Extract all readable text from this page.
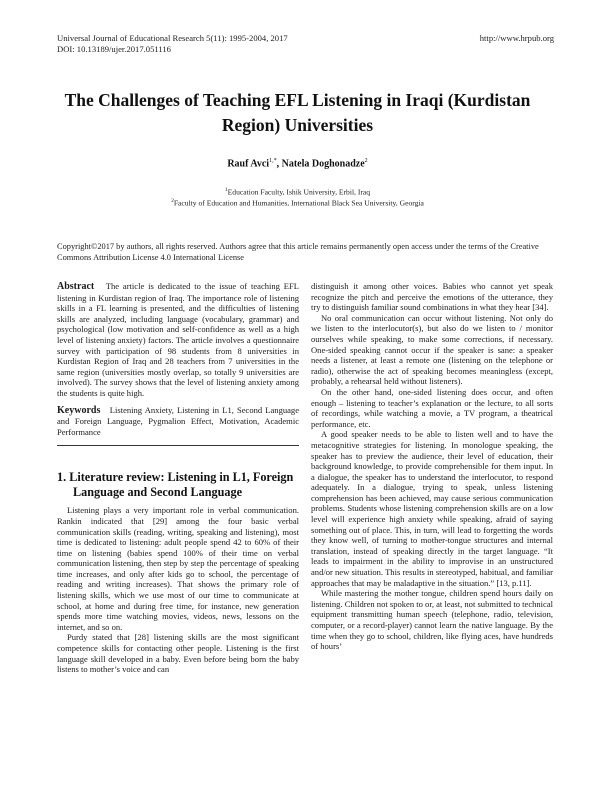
Universal Journal of Educational Research 5(11): 1995-2004, 2017
DOI: 10.13189/ujer.2017.051116
http://www.hrpub.org
The Challenges of Teaching EFL Listening in Iraqi (Kurdistan Region) Universities
Rauf Avci$^{1,*}$, Natela Doghonadze$^2$
$^1$Education Faculty, Ishik University, Erbil, Iraq
$^2$Faculty of Education and Humanities, International Black Sea University, Georgia
Copyright©2017 by authors, all rights reserved. Authors agree that this article remains permanently open access under the terms of the Creative Commons Attribution License 4.0 International License

Abstract The article is dedicated to the issue of teaching EFL listening in Kurdistan region of Iraq. The importance role of listening skills in a FL learning is presented, and the difficulties of listening skills are analyzed, including language (vocabulary, grammar) and psychological (low motivation and self-confidence as well as a high level of listening anxiety) factors. The article involves a questionnaire survey with participation of 98 students from 8 universities in Kurdistan Region of Iraq and 28 teachers from 7 universities in the same region (universities mostly overlap, so totally 9 universities are involved). The survey shows that the level of listening anxiety among the students is quite high.

Keywords Listening Anxiety, Listening in L1, Second Language and Foreign Language, Pygmalion Effect, Motivation, Academic Performance

1. Literature review: Listening in L1, Foreign Language and Second Language

Listening plays a very important role in verbal communication. Rankin indicated that [29] among the four basic verbal communication skills (reading, writing, speaking and listening), most time is dedicated to listening: adult people spend 42 to 60% of their time on listening (babies spend 100% of their time on verbal communication listening, then step by step the percentage of speaking time increases, and only after kids go to school, the percentage of reading and writing increases). That shows the primary role of listening skills, which we use most of our time to communicate at school, at home and during free time, for instance, new generation spends more time watching movies, videos, news, lessons on the internet, and so on.

Purdy stated that [28] listening skills are the most significant competence skills for contacting other people. Listening is the first language skill developed in a baby. Even before being born the baby listens to mother’s voice and can

distinguish it among other voices. Babies who cannot yet speak recognize the pitch and perceive the emotions of the utterance, they try to distinguish familiar sound combinations in what they hear [34].

No oral communication can occur without listening. Not only do we listen to the interlocutor(s), but also do we listen to / monitor ourselves while speaking, to make some corrections, if necessary. One-sided speaking cannot occur if the speaker is sane: a speaker needs a listener, at least a remote one (listening on the telephone or radio), otherwise the act of speaking becomes meaningless (except, probably, a rehearsal held without listeners).

On the other hand, one-sided listening does occur, and often enough – listening to teacher’s explanation or the lecture, to all sorts of recordings, while watching a movie, a TV program, a theatrical performance, etc.

A good speaker needs to be able to listen well and to have the metacognitive strategies for listening. In monologue speaking, the speaker has to preview the audience, their level of education, their background knowledge, to provide comprehensible for them input. In a dialogue, the speaker has to understand the interlocutor, to respond adequately. In a dialogue, trying to speak, unless listening comprehension has been achieved, may cause serious communication problems. Students whose listening comprehension skills are on a low level will experience high anxiety while speaking, afraid of saying something out of place. This, in turn, will lead to forgetting the words they know well, of turning to mother-tongue structures and internal translation, instead of speaking directly in the target language. “It leads to impairment in the ability to improvise in an unstructured and/or new situation. This results in stereotyped, habitual, and familiar approaches that may be maladaptive in the situation.” [13, p.11].

While mastering the mother tongue, children spend hours daily on listening. Children not spoken to or, at least, not submitted to technical equipment transmitting human speech (telephone, radio, television, computer, or a record-player) cannot learn the native language. By the time when they go to school, children, like flying aces, have hundreds of hours’
